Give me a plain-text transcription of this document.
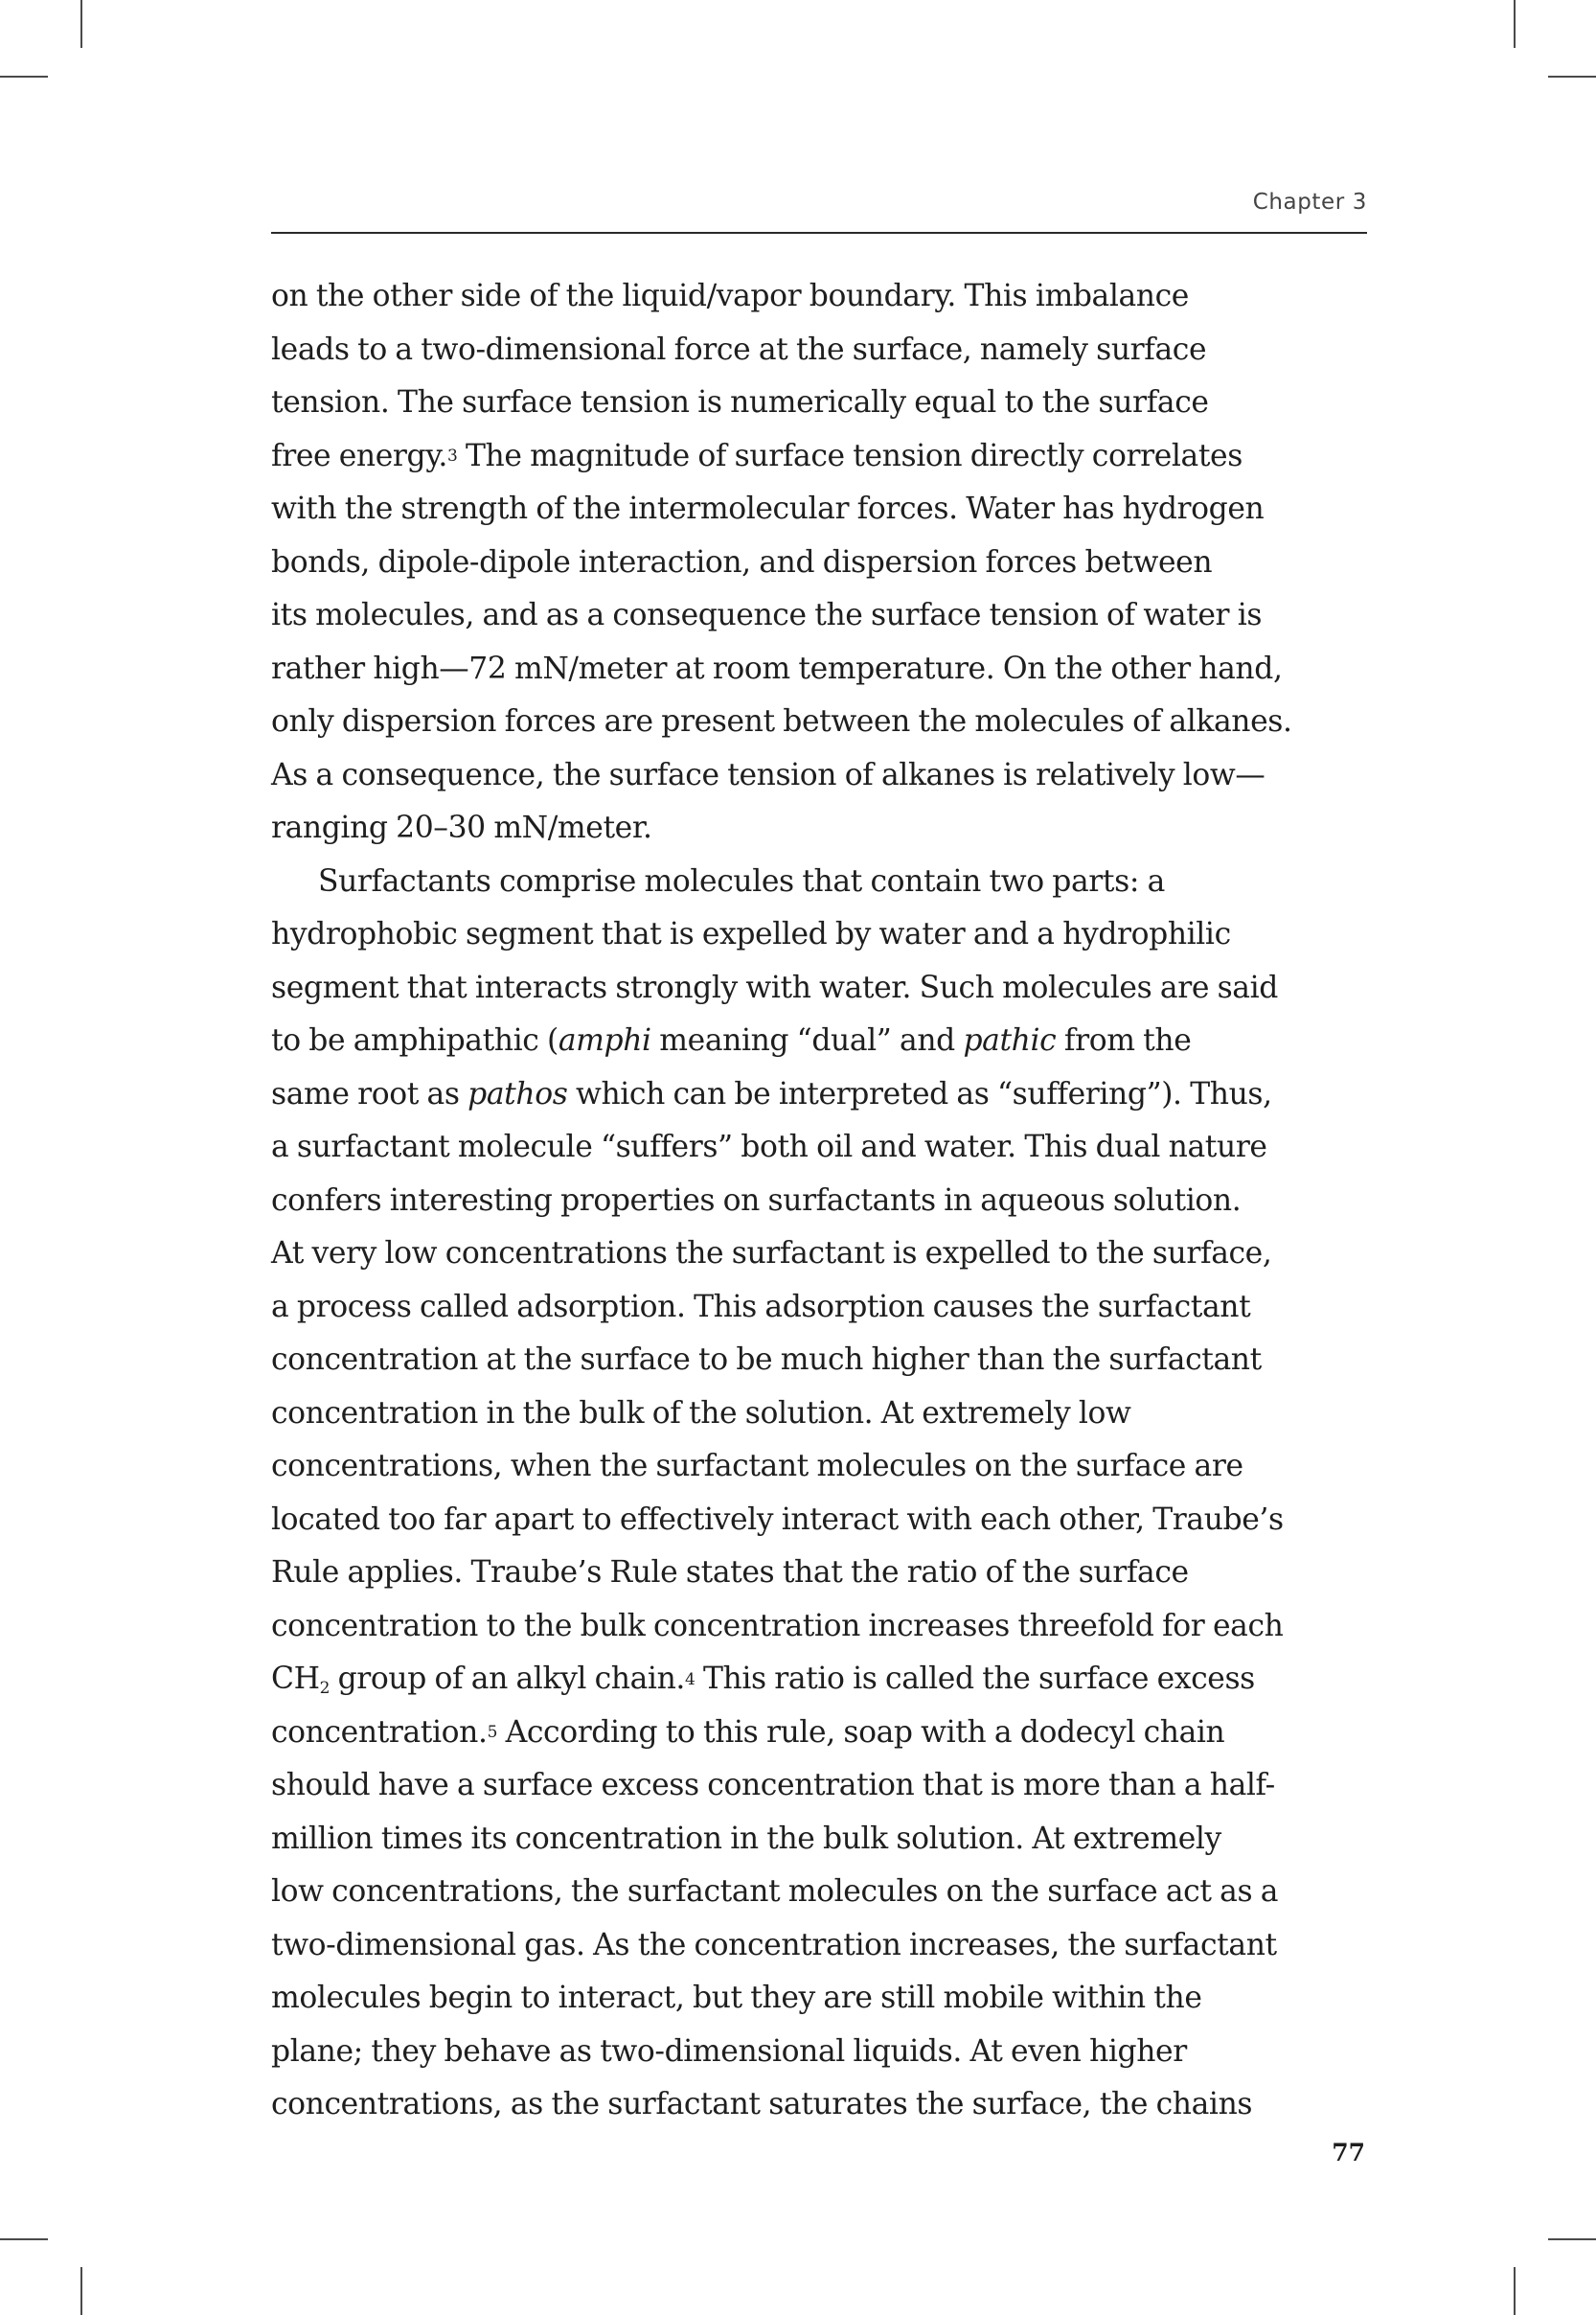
Chapter 3
on the other side of the liquid/vapor boundary. This imbalance
leads to a two-dimensional force at the surface, namely surface
tension. The surface tension is numerically equal to the surface
free energy.$^3$ The magnitude of surface tension directly correlates
with the strength of the intermolecular forces. Water has hydrogen
bonds, dipole-dipole interaction, and dispersion forces between
its molecules, and as a consequence the surface tension of water is
rather high—72 mN/meter at room temperature. On the other hand,
only dispersion forces are present between the molecules of alkanes.
As a consequence, the surface tension of alkanes is relatively low—
ranging 20–30 mN/meter.
Surfactants comprise molecules that contain two parts: a
hydrophobic segment that is expelled by water and a hydrophilic
segment that interacts strongly with water. Such molecules are said
to be amphipathic (amphi meaning “dual” and pathic from the
same root as pathos which can be interpreted as “suffering”). Thus,
a surfactant molecule “suffers” both oil and water. This dual nature
confers interesting properties on surfactants in aqueous solution.
At very low concentrations the surfactant is expelled to the surface,
a process called adsorption. This adsorption causes the surfactant
concentration at the surface to be much higher than the surfactant
concentration in the bulk of the solution. At extremely low
concentrations, when the surfactant molecules on the surface are
located too far apart to effectively interact with each other, Traube’s
Rule applies. Traube’s Rule states that the ratio of the surface
concentration to the bulk concentration increases threefold for each
$CH_2$ group of an alkyl chain.$^4$ This ratio is called the surface excess
concentration.$^5$ According to this rule, soap with a dodecyl chain
should have a surface excess concentration that is more than a half-
million times its concentration in the bulk solution. At extremely
low concentrations, the surfactant molecules on the surface act as a
two-dimensional gas. As the concentration increases, the surfactant
molecules begin to interact, but they are still mobile within the
plane; they behave as two-dimensional liquids. At even higher
concentrations, as the surfactant saturates the surface, the chains
77
